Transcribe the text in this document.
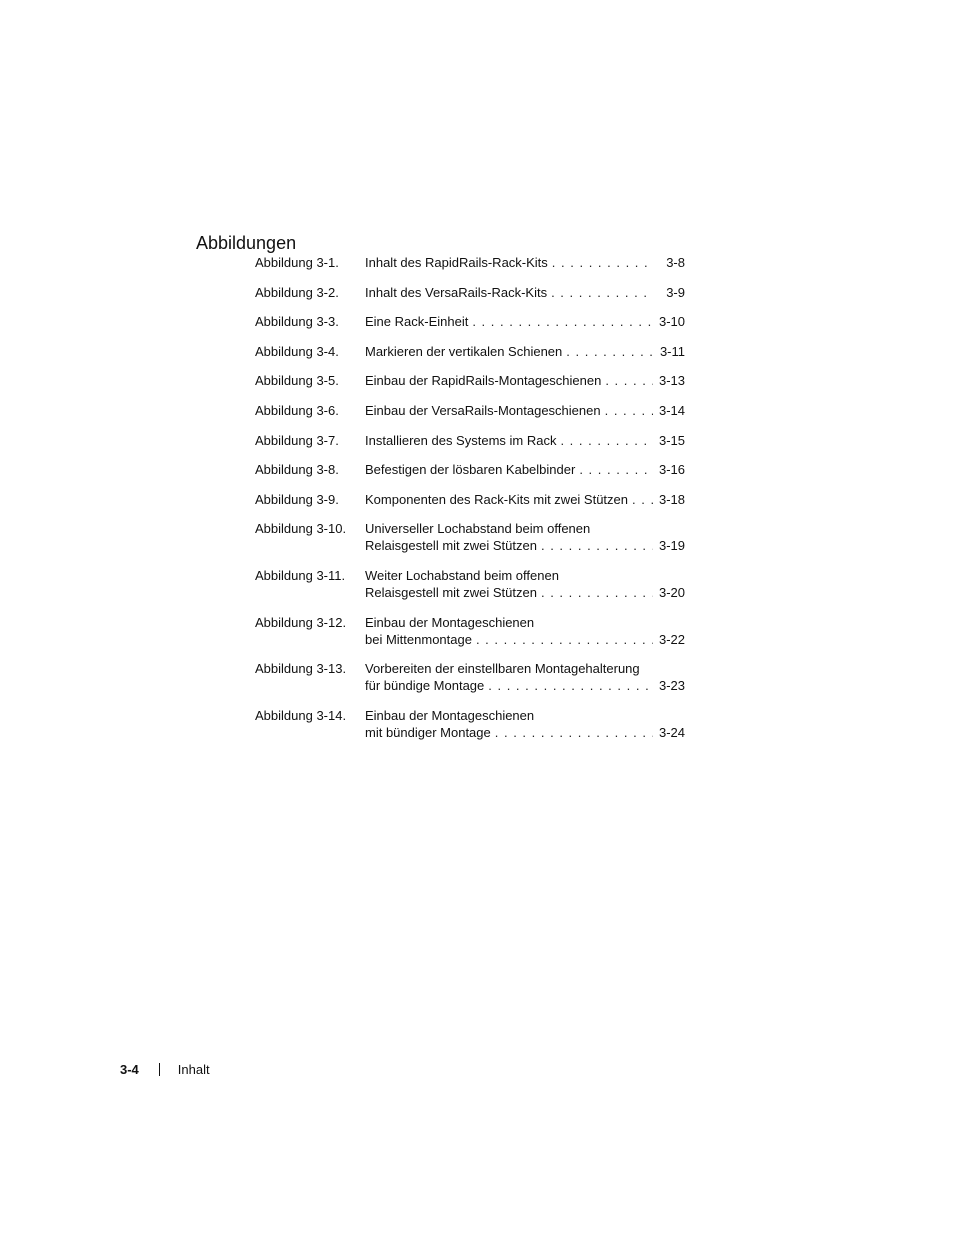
Abbildungen
Abbildung 3-1.	Inhalt des RapidRails-Rack-Kits . . .	3-8
Abbildung 3-2.	Inhalt des VersaRails-Rack-Kits . . .	3-9
Abbildung 3-3.	Eine Rack-Einheit . . .	3-10
Abbildung 3-4.	Markieren der vertikalen Schienen . . .	3-11
Abbildung 3-5.	Einbau der RapidRails-Montageschienen . . .	3-13
Abbildung 3-6.	Einbau der VersaRails-Montageschienen . . .	3-14
Abbildung 3-7.	Installieren des Systems im Rack . . .	3-15
Abbildung 3-8.	Befestigen der lösbaren Kabelbinder . . .	3-16
Abbildung 3-9.	Komponenten des Rack-Kits mit zwei Stützen . . . 3-18
Abbildung 3-10.	Universeller Lochabstand beim offenen
Relaisgestell mit zwei Stützen . . .	3-19
Abbildung 3-11.	Weiter Lochabstand beim offenen
Relaisgestell mit zwei Stützen . . .	3-20
Abbildung 3-12.	Einbau der Montageschienen
bei Mittenmontage . . .	3-22
Abbildung 3-13.	Vorbereiten der einstellbaren Montagehalterung
für bündige Montage . . .	3-23
Abbildung 3-14.	Einbau der Montageschienen
mit bündiger Montage . . .	3-24
3-4	Inhalt
